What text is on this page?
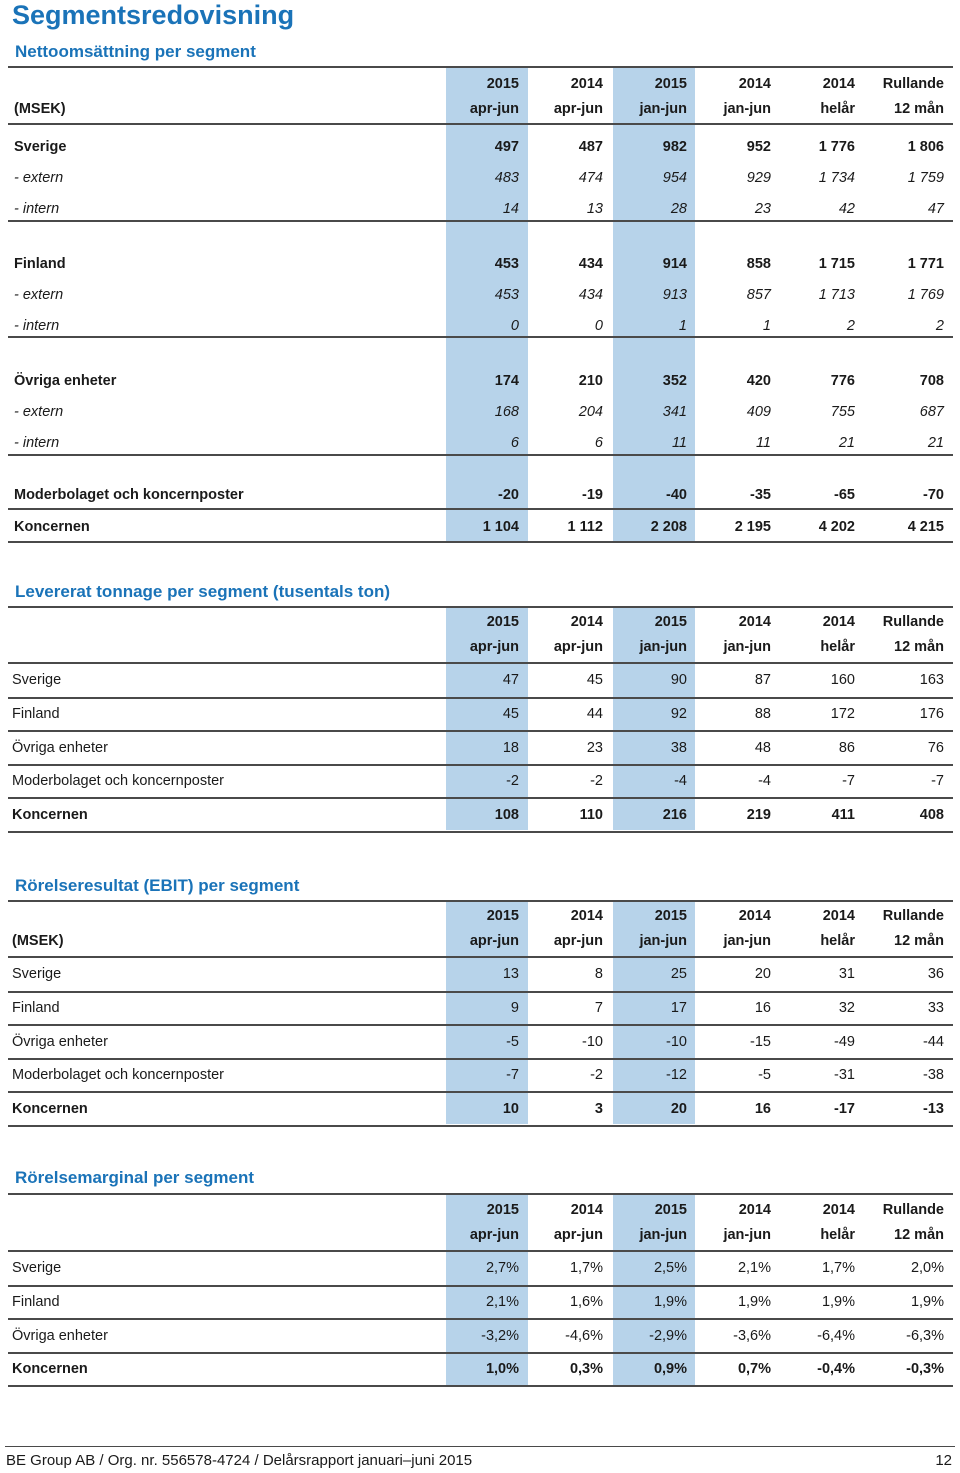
Segmentsredovisning
Nettoomsättning per segment
	2015	2014	2015	2014	2014	Rullande
(MSEK)	apr-jun	apr-jun	jan-jun	jan-jun	helår	12 mån
Sverige	497	487	982	952	1 776	1 806
- extern	483	474	954	929	1 734	1 759
- intern	14	13	28	23	42	47
Finland	453	434	914	858	1 715	1 771
- extern	453	434	913	857	1 713	1 769
- intern	0	0	1	1	2	2
Övriga enheter	174	210	352	420	776	708
- extern	168	204	341	409	755	687
- intern	6	6	11	11	21	21
Moderbolaget och koncernposter	-20	-19	-40	-35	-65	-70
Koncernen	1 104	1 112	2 208	2 195	4 202	4 215
Levererat tonnage per segment (tusentals ton)
	2015	2014	2015	2014	2014	Rullande
	apr-jun	apr-jun	jan-jun	jan-jun	helår	12 mån
Sverige	47	45	90	87	160	163
Finland	45	44	92	88	172	176
Övriga enheter	18	23	38	48	86	76
Moderbolaget och koncernposter	-2	-2	-4	-4	-7	-7
Koncernen	108	110	216	219	411	408
Rörelseresultat (EBIT) per segment
	2015	2014	2015	2014	2014	Rullande
(MSEK)	apr-jun	apr-jun	jan-jun	jan-jun	helår	12 mån
Sverige	13	8	25	20	31	36
Finland	9	7	17	16	32	33
Övriga enheter	-5	-10	-10	-15	-49	-44
Moderbolaget och koncernposter	-7	-2	-12	-5	-31	-38
Koncernen	10	3	20	16	-17	-13
Rörelsemarginal per segment
	2015	2014	2015	2014	2014	Rullande
	apr-jun	apr-jun	jan-jun	jan-jun	helår	12 mån
Sverige	2,7%	1,7%	2,5%	2,1%	1,7%	2,0%
Finland	2,1%	1,6%	1,9%	1,9%	1,9%	1,9%
Övriga enheter	-3,2%	-4,6%	-2,9%	-3,6%	-6,4%	-6,3%
Koncernen	1,0%	0,3%	0,9%	0,7%	-0,4%	-0,3%
BE Group AB / Org. nr. 556578-4724 / Delårsrapport januari–juni 2015	12
